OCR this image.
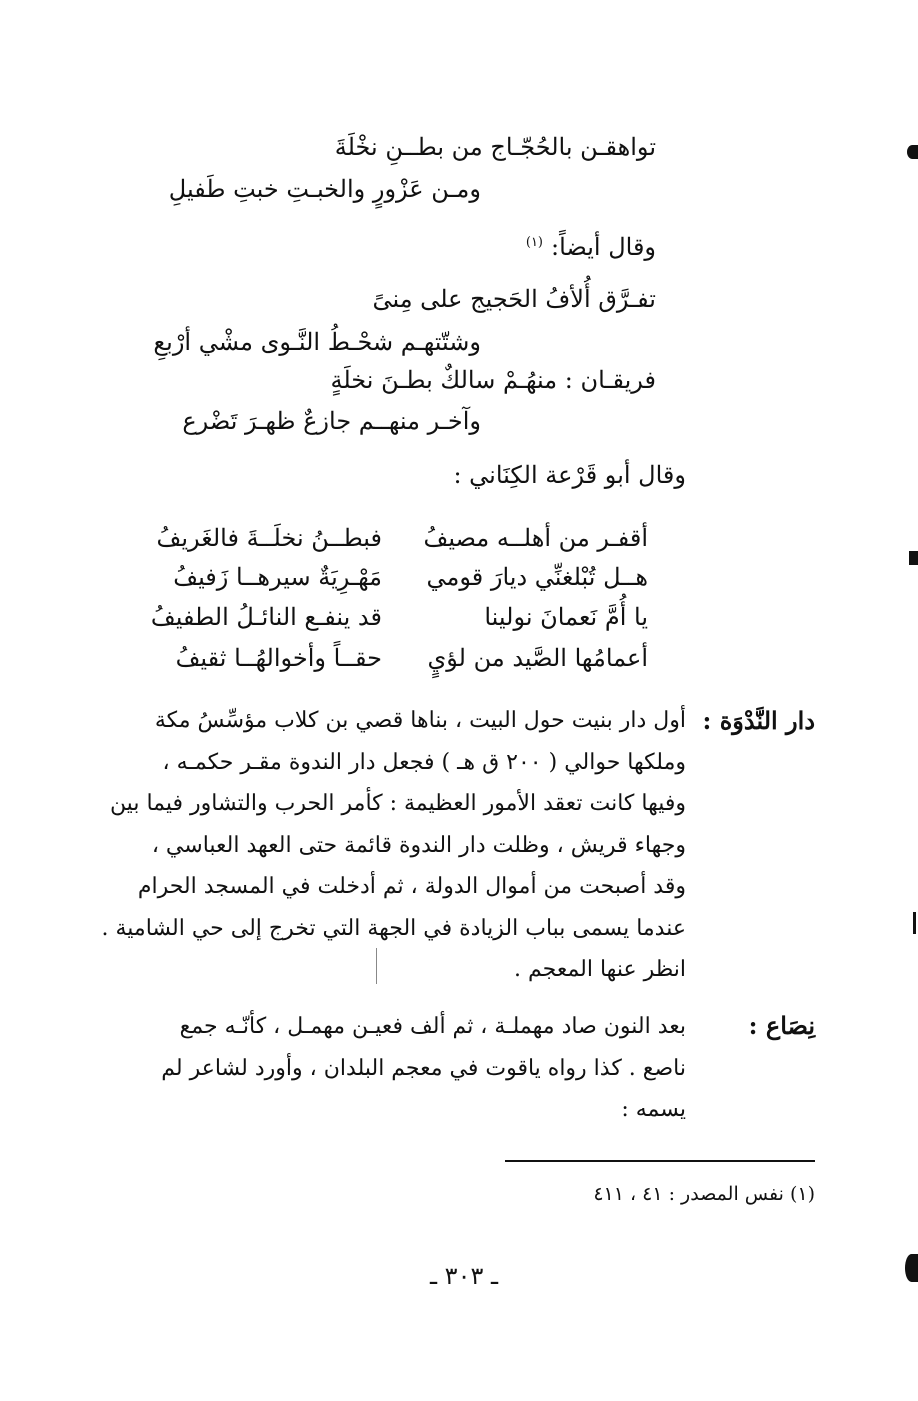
تواهقـن بالحُجّـاج من بطــنِ نخْلَةَ
ومـن عَزْورٍ والخبـتِ خبتِ طَفيلِ
وقال أيضاً:$^{(١)}$
تفـرَّق أُلأفُ الحَجيج على مِنىً
وشتّتهـم شحْـطُ النَّـوى مشْي أرْبعِ
فريقـان : منهُـمْ سالكٌ بطـنَ نخلَةٍ
وآخـر منهــم جازعٌ ظهـرَ تَضْرع
وقال أبو قَرْعة الكِنَاني :
أقفـر من أهلــه مصيفُ
فبطــنُ نخلَــةَ فالغَريفُ
هــل تُبْلغنِّي ديارَ قومي
مَهْـرِيَةٌ سيرهــا زَفيفُ
يا أُمَّ نَعمانَ نولينا
قد ينفـع النائـلُ الطفيفُ
أعمامُها الصَّيد من لؤيٍ
حقــاً وأخوالهُــا ثقيفُ
دار النَّدْوَة :
أول دار بنيت حول البيت ، بناها قصي بن كلاب مؤسِّسُ مكة
وملكها حوالي ( ٢٠٠ ق هـ ) فجعل دار الندوة مقـر حكمـه ،
وفيها كانت تعقد الأمور العظيمة : كأمر الحرب والتشاور فيما بين
وجهاء قريش ، وظلت دار الندوة قائمة حتى العهد العباسي ،
وقد أصبحت من أموال الدولة ، ثم أدخلت في المسجد الحرام
عندما يسمى بباب الزيادة في الجهة التي تخرج إلى حي الشامية .
انظر عنها المعجم .
نِصَاع :
بعد النون صاد مهملـة ، ثم ألف فعيـن مهمـل ، كأنّـه جمع
ناصع . كذا رواه ياقوت في معجم البلدان ، وأورد لشاعر لم
يسمه :
(١) نفس المصدر : ٤١ ، ٤١١
ـ ٣٠٣ ـ
